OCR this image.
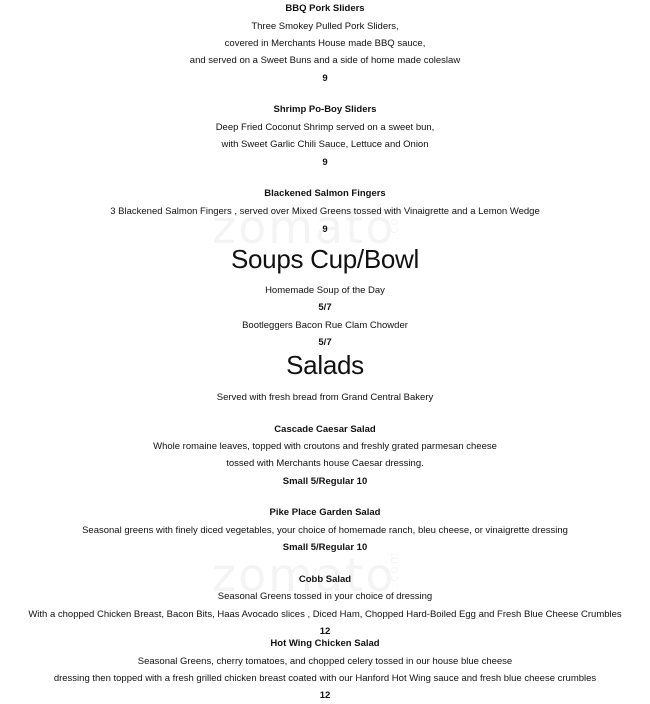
BBQ Pork Sliders
Three Smokey Pulled Pork Sliders,
covered in Merchants House made BBQ sauce,
and served on a Sweet Buns and a side of home made coleslaw
9
Shrimp Po-Boy Sliders
Deep Fried Coconut Shrimp served on a sweet bun,
with Sweet Garlic Chili Sauce, Lettuce and Onion
9
Blackened Salmon Fingers
3 Blackened Salmon Fingers , served over Mixed Greens tossed with Vinaigrette and a Lemon Wedge
9
Soups Cup/Bowl
Homemade Soup of the Day
5/7
Bootleggers Bacon Rue Clam Chowder
5/7
Salads
Served with fresh bread from Grand Central Bakery
Cascade Caesar Salad
Whole romaine leaves, topped with croutons and freshly grated parmesan cheese
tossed with Merchants house Caesar dressing.
Small 5/Regular 10
Pike Place Garden Salad
Seasonal greens with finely diced vegetables, your choice of homemade ranch, bleu cheese, or vinaigrette dressing
Small 5/Regular 10
Cobb Salad
Seasonal Greens tossed in your choice of dressing
With a chopped Chicken Breast, Bacon Bits, Haas Avocado slices , Diced Ham, Chopped Hard-Boiled Egg and Fresh Blue Cheese Crumbles
12
Hot Wing Chicken Salad
Seasonal Greens, cherry tomatoes, and chopped celery tossed in our house blue cheese
dressing then topped with a fresh grilled chicken breast coated with our Hanford Hot Wing sauce and fresh blue cheese crumbles
12
